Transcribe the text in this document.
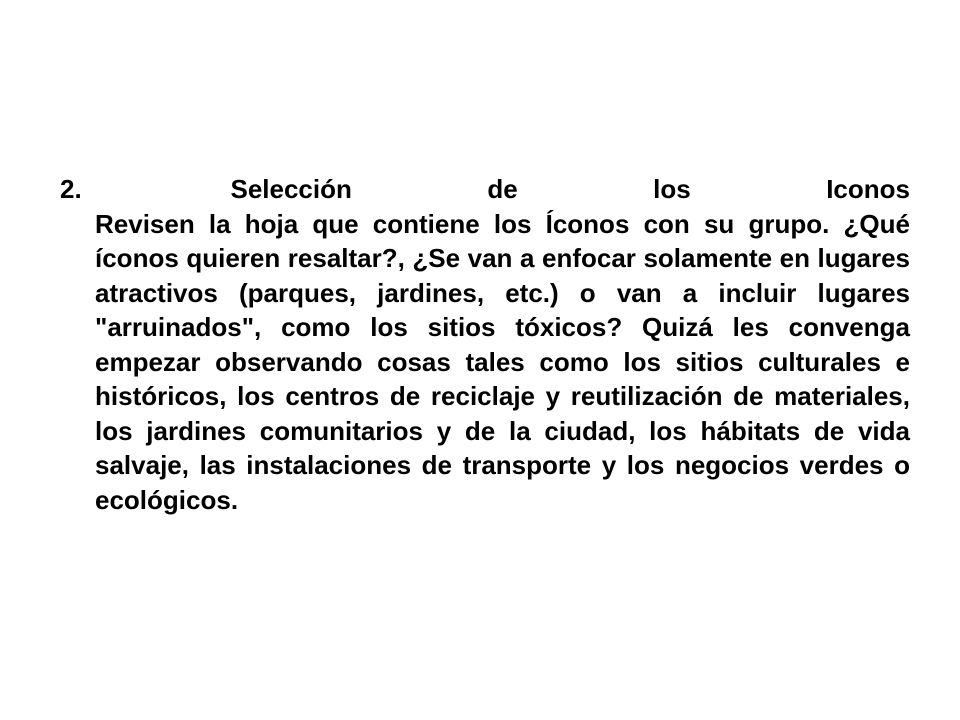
2. Selección de los Iconos
Revisen la hoja que contiene los Íconos con su grupo. ¿Qué íconos quieren resaltar?, ¿Se van a enfocar solamente en lugares atractivos (parques, jardines, etc.) o van a incluir lugares "arruinados", como los sitios tóxicos? Quizá les convenga empezar observando cosas tales como los sitios culturales e históricos, los centros de reciclaje y reutilización de materiales, los jardines comunitarios y de la ciudad, los hábitats de vida salvaje, las instalaciones de transporte y los negocios verdes o ecológicos.
